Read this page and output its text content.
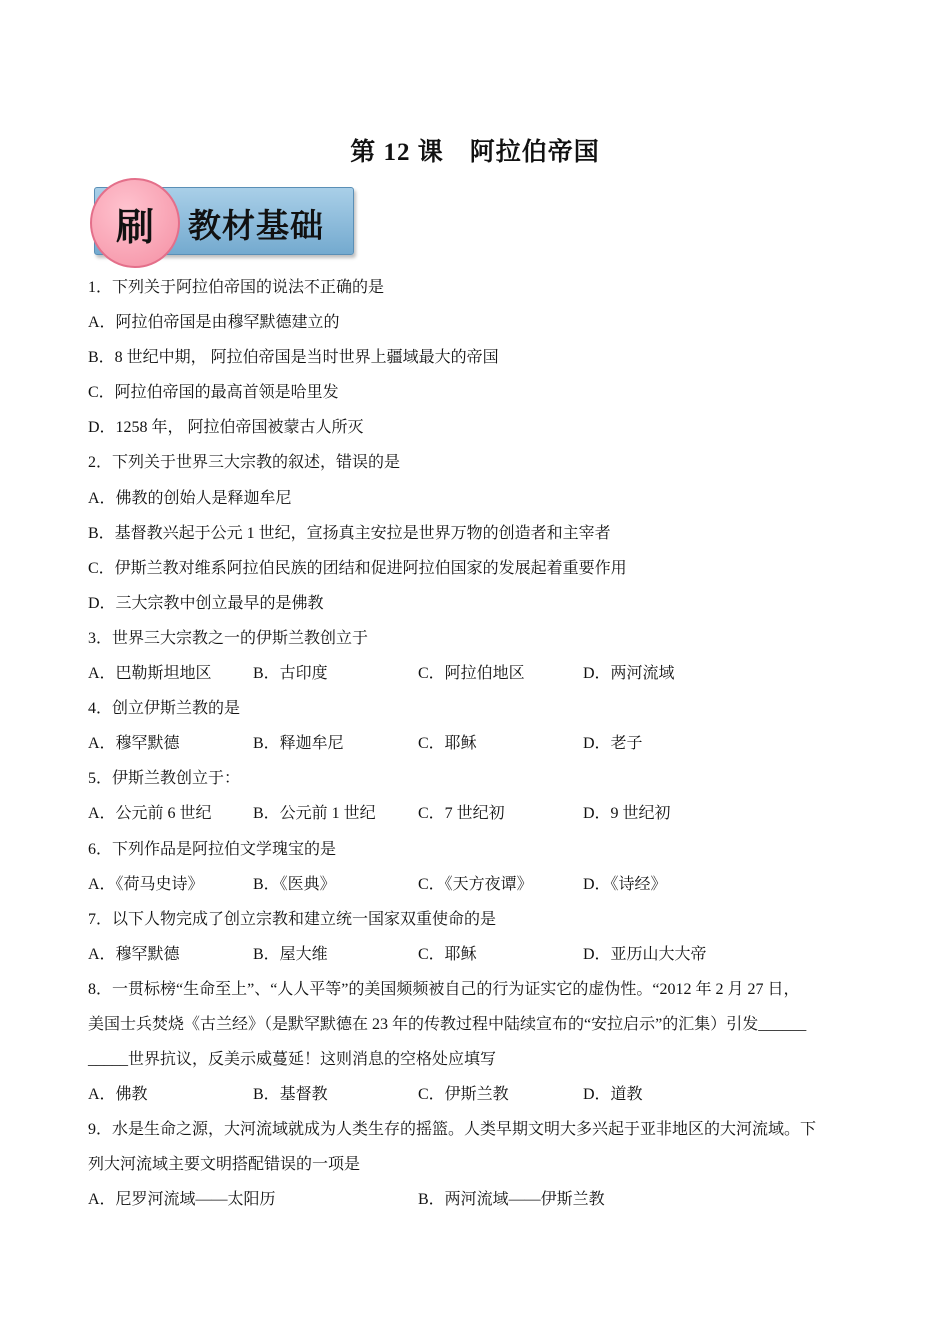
第 12 课　阿拉伯帝国
刷	教材基础
1．下列关于阿拉伯帝国的说法不正确的是
A．阿拉伯帝国是由穆罕默德建立的
B．8 世纪中期， 阿拉伯帝国是当时世界上疆域最大的帝国
C．阿拉伯帝国的最高首领是哈里发
D．1258 年， 阿拉伯帝国被蒙古人所灭
2．下列关于世界三大宗教的叙述，错误的是
A．佛教的创始人是释迦牟尼
B．基督教兴起于公元 1 世纪，宣扬真主安拉是世界万物的创造者和主宰者
C．伊斯兰教对维系阿拉伯民族的团结和促进阿拉伯国家的发展起着重要作用
D．三大宗教中创立最早的是佛教
3．世界三大宗教之一的伊斯兰教创立于
A．巴勒斯坦地区	B．古印度	C．阿拉伯地区	D．两河流域
4．创立伊斯兰教的是
A．穆罕默德	B．释迦牟尼	C．耶稣	D．老子
5．伊斯兰教创立于：
A．公元前 6 世纪	B．公元前 1 世纪	C．7 世纪初	D．9 世纪初
6．下列作品是阿拉伯文学瑰宝的是
A．《荷马史诗》	B．《医典》	C．《天方夜谭》	D．《诗经》
7．以下人物完成了创立宗教和建立统一国家双重使命的是
A．穆罕默德	B．屋大维	C．耶稣	D．亚历山大大帝
8．一贯标榜“生命至上”、“人人平等”的美国频频被自己的行为证实它的虚伪性。“2012 年 2 月 27 日，
美国士兵焚烧《古兰经》（是默罕默德在 23 年的传教过程中陆续宣布的“安拉启示”的汇集）引发______
_____世界抗议，反美示威蔓延！这则消息的空格处应填写
A．佛教	B．基督教	C．伊斯兰教	D．道教
9．水是生命之源，大河流域就成为人类生存的摇篮。人类早期文明大多兴起于亚非地区的大河流域。下
列大河流域主要文明搭配错误的一项是
A．尼罗河流域——太阳历	B．两河流域——伊斯兰教
